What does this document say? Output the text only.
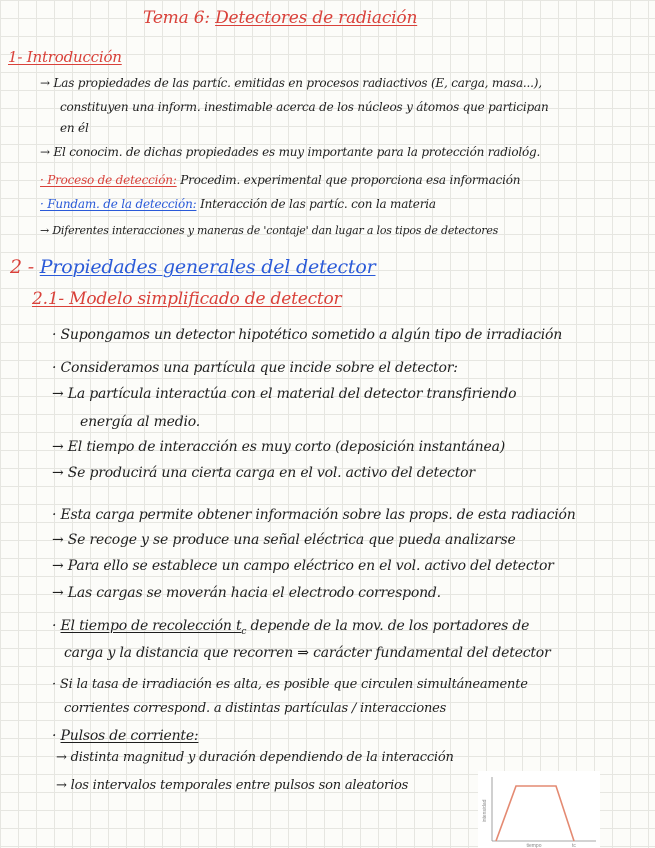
Tema 6: Detectores de radiación
1- Introducción
→ Las propiedades de las partíc. emitidas en procesos radiactivos (E, carga, masa...),
constituyen una inform. inestimable acerca de los núcleos y átomos que participan
en él
→ El conocim. de dichas propiedades es muy importante para la protección radiológ.
· Proceso de detección: Procedim. experimental que proporciona esa información
· Fundam. de la detección: Interacción de las partíc. con la materia
→ Diferentes interacciones y maneras de 'contaje' dan lugar a los tipos de detectores
2 - Propiedades generales del detector
2.1- Modelo simplificado de detector
· Supongamos un detector hipotético sometido a algún tipo de irradiación
· Consideramos una partícula que incide sobre el detector:
→ La partícula interactúa con el material del detector transfiriendo
energía al medio.
→ El tiempo de interacción es muy corto (deposición instantánea)
→ Se producirá una cierta carga en el vol. activo del detector
· Esta carga permite obtener información sobre las props. de esta radiación
→ Se recoge y se produce una señal eléctrica que pueda analizarse
→ Para ello se establece un campo eléctrico en el vol. activo del detector
→ Las cargas se moverán hacia el electrodo correspond.
· El tiempo de recolección $t_c$ depende de la mov. de los portadores de
carga y la distancia que recorren ⇒ carácter fundamental del detector
· Si la tasa de irradiación es alta, es posible que circulen simultáneamente
corrientes correspond. a distintas partículas / interacciones
· Pulsos de corriente:
→ distinta magnitud y duración dependiendo de la interacción
→ los intervalos temporales entre pulsos son aleatorios
intensidad
tiempo	tc
